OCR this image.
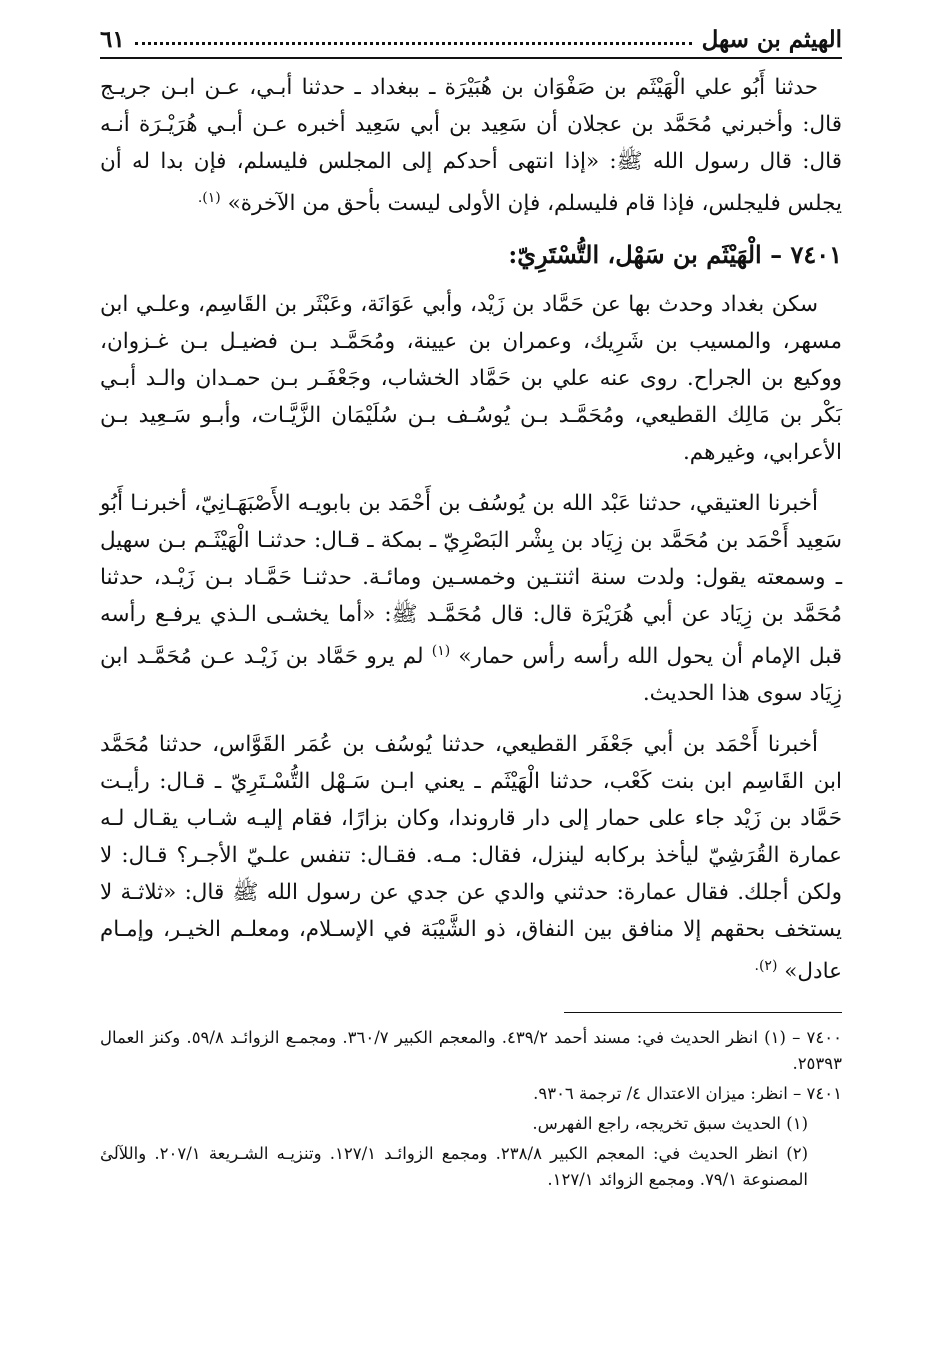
الهيثم بن سهل
٦١

حدثنا أَبُو علي الْهَيْثَم بن صَفْوَان بن هُبَيْرَة ـ ببغداد ـ حدثنا أبـي، عـن ابـن جريـج قال: وأخبرني مُحَمَّد بن عجلان أن سَعِيد بن أبي سَعِيد أخبره عـن أبـي هُرَيْـرَة أنـه قال: قال رسول الله ﷺ: «إذا انتهى أحدكم إلى المجلس فليسلم، فإن بدا له أن يجلس فليجلس، فإذا قام فليسلم، فإن الأولى ليست بأحق من الآخرة» $^{(١).}$

٧٤٠١ – الْهَيْثَم بن سَهْل، التُّسْتَرِيّ:

سكن بغداد وحدث بها عن حَمَّاد بن زَيْد، وأبي عَوَانَة، وعَبْثَر بن القَاسِم، وعلـي ابن مسهر، والمسيب بن شَرِيك، وعمران بن عيينة، ومُحَمَّـد بـن فضيـل بـن غـزوان، ووكيع بن الجراح. روى عنه علي بن حَمَّاد الخشاب، وجَعْفَـر بـن حمـدان والـد أبـي بَكْر بن مَالِك القطيعي، ومُحَمَّـد بـن يُوسُـف بـن سُلَيْمَان الزَّيَّـات، وأبـو سَـعِيد بـن الأعرابي، وغيرهم.

أخبرنا العتيقي، حدثنا عَبْد الله بن يُوسُف بن أَحْمَد بن بابويـه الأَصْبَهَـانِيّ، أخبرنـا أَبُو سَعِيد أَحْمَد بن مُحَمَّد بن زِيَاد بن بِشْر البَصْرِيّ ـ بمكة ـ قـال: حدثنـا الْهَيْثَـم بـن سهيل ـ وسمعته يقول: ولدت سنة اثنتـين وخمسـين ومائـة. حدثنـا حَمَّـاد بـن زَيْـد، حدثنا مُحَمَّد بن زِيَاد عن أبي هُرَيْرَة قال: قال مُحَمَّـد ﷺ: «أما يخشـى الـذي يرفـع رأسه قبل الإمام أن يحول الله رأسه رأس حمار» $^{(١)}$ لم يرو حَمَّاد بن زَيْـد عـن مُحَمَّـد ابن زِيَاد سوى هذا الحديث.

أخبرنا أَحْمَد بن أبي جَعْفَر القطيعي، حدثنا يُوسُف بن عُمَر القَوَّاس، حدثنا مُحَمَّد ابن القَاسِم ابن بنت كَعْب، حدثنا الْهَيْثَم ـ يعني ابـن سَـهْل التُّسْـتَرِيّ ـ قـال: رأيـت حَمَّاد بن زَيْد جاء على حمار إلى دار قاروندا، وكان بزارًا، فقام إليـه شـاب يقـال لـه عمارة القُرَشِيّ ليأخذ بركابه لينزل، فقال: مـه. فقـال: تنفس علـيّ الأجـر؟ قـال: لا ولكن أجلك. فقال عمارة: حدثني والدي عن جدي عن رسول الله ﷺ قال: «ثلاثـة لا يستخف بحقهم إلا منافق بين النفاق، ذو الشَّيْبَة في الإسـلام، ومعلـم الخيـر، وإمـام عادل» $^{(٢).}$

٧٤٠٠ – (١) انظر الحديث في: مسند أحمد ٤٣٩/٢. والمعجم الكبير ٣٦٠/٧. ومجمـع الزوائـد ٥٩/٨. وكنز العمال ٢٥٣٩٣.
٧٤٠١ – انظر: ميزان الاعتدال ٤/ ترجمة ٩٣٠٦.
(١) الحديث سبق تخريجه، راجع الفهرس.
(٢) انظر الحديث في: المعجم الكبير ٢٣٨/٨. ومجمع الزوائـد ١٢٧/١. وتنزيـه الشـريعة ٢٠٧/١. واللآلئ المصنوعة ٧٩/١. ومجمع الزوائد ١٢٧/١.
